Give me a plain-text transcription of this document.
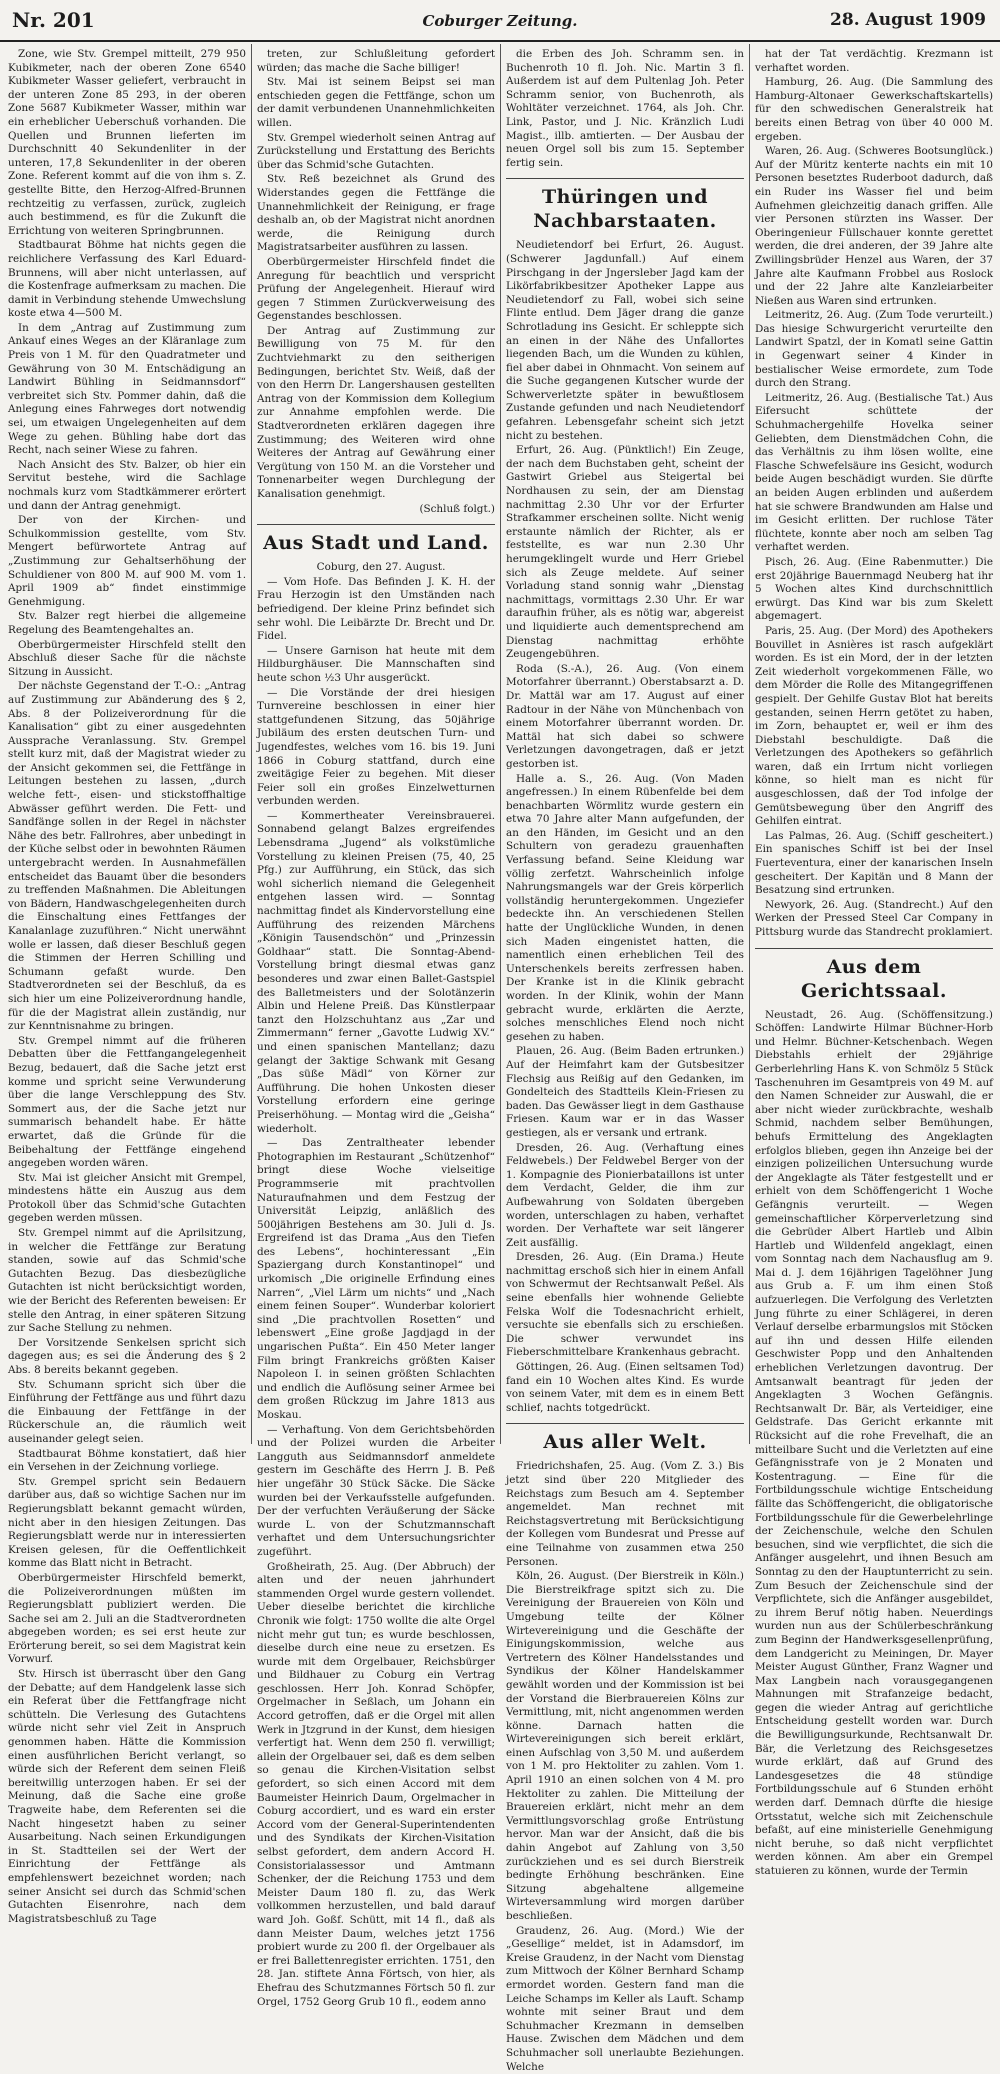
Nr. 201	Coburger Zeitung.	28. August 1909

Zone, wie Stv. Grempel mitteilt, 279 950 Kubikmeter, nach der oberen Zone 6540 Kubikmeter Wasser geliefert, verbraucht in der unteren Zone 85 293, in der oberen Zone 5687 Kubikmeter Wasser, mithin war ein erheblicher Ueberschuß vorhanden. Die Quellen und Brunnen lieferten im Durchschnitt 40 Sekundenliter in der unteren, 17,8 Sekundenliter in der oberen Zone. Referent kommt auf die von ihm s. Z. gestellte Bitte, den Herzog-Alfred-Brunnen rechtzeitig zu verfassen, zurück, zugleich auch bestimmend, es für die Zukunft die Errichtung von weiteren Springbrunnen.

Stadtbaurat Böhme hat nichts gegen die reichlichere Verfassung des Karl Eduard-Brunnens, will aber nicht unterlassen, auf die Kostenfrage aufmerksam zu machen. Die damit in Verbindung stehende Umwechslung koste etwa 4—500 M.

In dem „Antrag auf Zustimmung zum Ankauf eines Weges an der Kläranlage zum Preis von 1 M. für den Quadratmeter und Gewährung von 30 M. Entschädigung an Landwirt Bühling in Seidmannsdorf“ verbreitet sich Stv. Pommer dahin, daß die Anlegung eines Fahrweges dort notwendig sei, um etwaigen Ungelegenheiten auf dem Wege zu gehen. Bühling habe dort das Recht, nach seiner Wiese zu fahren.

Nach Ansicht des Stv. Balzer, ob hier ein Servitut bestehe, wird die Sachlage nochmals kurz vom Stadtkämmerer erörtert und dann der Antrag genehmigt.

Der von der Kirchen- und Schulkommission gestellte, vom Stv. Mengert befürwortete Antrag auf „Zustimmung zur Gehaltserhöhung der Schuldiener von 800 M. auf 900 M. vom 1. April 1909 ab“ findet einstimmige Genehmigung.

Stv. Balzer regt hierbei die allgemeine Regelung des Beamtengehaltes an.

Oberbürgermeister Hirschfeld stellt den Abschluß dieser Sache für die nächste Sitzung in Aussicht.

Der nächste Gegenstand der T.-O.: „Antrag auf Zustimmung zur Abänderung des § 2, Abs. 8 der Polizeiverordnung für die Kanalisation“ gibt zu einer ausgedehnten Aussprache Veranlassung. Stv. Grempel stellt kurz mit, daß der Magistrat wieder zu der Ansicht gekommen sei, die Fettfänge in Leitungen bestehen zu lassen, „durch welche fett-, eisen- und stickstoffhaltige Abwässer geführt werden. Die Fett- und Sandfänge sollen in der Regel in nächster Nähe des betr. Fallrohres, aber unbedingt in der Küche selbst oder in bewohnten Räumen untergebracht werden. In Ausnahmefällen entscheidet das Bauamt über die besonders zu treffenden Maßnahmen. Die Ableitungen von Bädern, Handwaschgelegenheiten durch die Einschaltung eines Fettfanges der Kanalanlage zuzuführen.“ Nicht unerwähnt wolle er lassen, daß dieser Beschluß gegen die Stimmen der Herren Schilling und Schumann gefaßt wurde. Den Stadtverordneten sei der Beschluß, da es sich hier um eine Polizeiverordnung handle, für die der Magistrat allein zuständig, nur zur Kenntnisnahme zu bringen.

Stv. Grempel nimmt auf die früheren Debatten über die Fettfangangelegenheit Bezug, bedauert, daß die Sache jetzt erst komme und spricht seine Verwunderung über die lange Verschleppung des Stv. Sommert aus, der die Sache jetzt nur summarisch behandelt habe. Er hätte erwartet, daß die Gründe für die Beibehaltung der Fettfänge eingehend angegeben worden wären.

Stv. Mai ist gleicher Ansicht mit Grempel, mindestens hätte ein Auszug aus dem Protokoll über das Schmid'sche Gutachten gegeben werden müssen.

Stv. Grempel nimmt auf die Aprilsitzung, in welcher die Fettfänge zur Beratung standen, sowie auf das Schmid'sche Gutachten Bezug. Das diesbezügliche Gutachten ist nicht berücksichtigt worden, wie der Bericht des Referenten beweisen: Er stelle den Antrag, in einer späteren Sitzung zur Sache Stellung zu nehmen.

Der Vorsitzende Senkelsen spricht sich dagegen aus; es sei die Änderung des § 2 Abs. 8 bereits bekannt gegeben.

Stv. Schumann spricht sich über die Einführung der Fettfänge aus und führt dazu die Einbauung der Fettfänge in der Rückerschule an, die räumlich weit auseinander gelegt seien.

Stadtbaurat Böhme konstatiert, daß hier ein Versehen in der Zeichnung vorliege.

Stv. Grempel spricht sein Bedauern darüber aus, daß so wichtige Sachen nur im Regierungsblatt bekannt gemacht würden, nicht aber in den hiesigen Zeitungen. Das Regierungsblatt werde nur in interessierten Kreisen gelesen, für die Oeffentlichkeit komme das Blatt nicht in Betracht.

Oberbürgermeister Hirschfeld bemerkt, die Polizeiverordnungen müßten im Regierungsblatt publiziert werden. Die Sache sei am 2. Juli an die Stadtverordneten abgegeben worden; es sei erst heute zur Erörterung bereit, so sei dem Magistrat kein Vorwurf.

Stv. Hirsch ist überrascht über den Gang der Debatte; auf dem Handgelenk lasse sich ein Referat über die Fettfangfrage nicht schütteln. Die Verlesung des Gutachtens würde nicht sehr viel Zeit in Anspruch genommen haben. Hätte die Kommission einen ausführlichen Bericht verlangt, so würde sich der Referent dem seinen Fleiß bereitwillig unterzogen haben. Er sei der Meinung, daß die Sache eine große Tragweite habe, dem Referenten sei die Nacht hingesetzt haben zu seiner Ausarbeitung. Nach seinen Erkundigungen in St. Stadtteilen sei der Wert der Einrichtung der Fettfänge als empfehlenswert bezeichnet worden; nach seiner Ansicht sei durch das Schmid'schen Gutachten Eisenrohre, nach dem Magistratsbeschluß zu Tage

treten, zur Schlußleitung gefordert würden; das mache die Sache billiger!

Stv. Mai ist seinem Beipst sei man entschieden gegen die Fettfänge, schon um der damit verbundenen Unannehmlichkeiten willen.

Stv. Grempel wiederholt seinen Antrag auf Zurückstellung und Erstattung des Berichts über das Schmid'sche Gutachten.

Stv. Reß bezeichnet als Grund des Widerstandes gegen die Fettfänge die Unannehmlichkeit der Reinigung, er frage deshalb an, ob der Magistrat nicht anordnen werde, die Reinigung durch Magistratsarbeiter ausführen zu lassen.

Oberbürgermeister Hirschfeld findet die Anregung für beachtlich und verspricht Prüfung der Angelegenheit. Hierauf wird gegen 7 Stimmen Zurückverweisung des Gegenstandes beschlossen.

Der Antrag auf Zustimmung zur Bewilligung von 75 M. für den Zuchtviehmarkt zu den seitherigen Bedingungen, berichtet Stv. Weiß, daß der von den Herrn Dr. Langershausen gestellten Antrag von der Kommission dem Kollegium zur Annahme empfohlen werde. Die Stadtverordneten erklären dagegen ihre Zustimmung; des Weiteren wird ohne Weiteres der Antrag auf Gewährung einer Vergütung von 150 M. an die Vorsteher und Tonnenarbeiter wegen Durchlegung der Kanalisation genehmigt.

(Schluß folgt.)

Aus Stadt und Land.

Coburg, den 27. August.

— Vom Hofe. Das Befinden J. K. H. der Frau Herzogin ist den Umständen nach befriedigend. Der kleine Prinz befindet sich sehr wohl. Die Leibärzte Dr. Brecht und Dr. Fidel.

— Unsere Garnison hat heute mit dem Hildburghäuser. Die Mannschaften sind heute schon ½3 Uhr ausgerückt.

— Die Vorstände der drei hiesigen Turnvereine beschlossen in einer hier stattgefundenen Sitzung, das 50jährige Jubiläum des ersten deutschen Turn- und Jugendfestes, welches vom 16. bis 19. Juni 1866 in Coburg stattfand, durch eine zweitägige Feier zu begehen. Mit dieser Feier soll ein großes Einzelwetturnen verbunden werden.

— Kommertheater Vereinsbrauerei. Sonnabend gelangt Balzes ergreifendes Lebensdrama „Jugend“ als volkstümliche Vorstellung zu kleinen Preisen (75, 40, 25 Pfg.) zur Aufführung, ein Stück, das sich wohl sicherlich niemand die Gelegenheit entgehen lassen wird. — Sonntag nachmittag findet als Kindervorstellung eine Aufführung des reizenden Märchens „Königin Tausendschön“ und „Prinzessin Goldhaar“ statt. Die Sonntag-Abend-Vorstellung bringt diesmal etwas ganz besonderes und zwar einen Ballet-Gastspiel des Balletmeisters und der Solotänzerin Albin und Helene Preiß. Das Künstlerpaar tanzt den Holzschuhtanz aus „Zar und Zimmermann“ ferner „Gavotte Ludwig XV.“ und einen spanischen Mantellanz; dazu gelangt der 3aktige Schwank mit Gesang „Das süße Mädl“ von Körner zur Aufführung. Die hohen Unkosten dieser Vorstellung erfordern eine geringe Preiserhöhung. — Montag wird die „Geisha“ wiederholt.

— Das Zentraltheater lebender Photographien im Restaurant „Schützenhof“ bringt diese Woche vielseitige Programmserie mit prachtvollen Naturaufnahmen und dem Festzug der Universität Leipzig, anläßlich des 500jährigen Bestehens am 30. Juli d. Js. Ergreifend ist das Drama „Aus den Tiefen des Lebens“, hochinteressant „Ein Spaziergang durch Konstantinopel“ und urkomisch „Die originelle Erfindung eines Narren“, „Viel Lärm um nichts“ und „Nach einem feinen Souper“. Wunderbar koloriert sind „Die prachtvollen Rosetten“ und lebenswert „Eine große Jagdjagd in der ungarischen Pußta“. Ein 450 Meter langer Film bringt Frankreichs größten Kaiser Napoleon I. in seinen größten Schlachten und endlich die Auflösung seiner Armee bei dem großen Rückzug im Jahre 1813 aus Moskau.

— Verhaftung. Von dem Gerichtsbehörden und der Polizei wurden die Arbeiter Langguth aus Seidmannsdorf anmeldete gestern im Geschäfte des Herrn J. B. Peß hier ungefähr 30 Stück Säcke. Die Säcke wurden bei der Verkaufsstelle aufgefunden. Der der verfuchten Veräußerung der Säcke wurde L. von der Schutzmannschaft verhaftet und dem Untersuchungsrichter zugeführt.

Großheirath, 25. Aug. (Der Abbruch) der alten und der neuen jahrhundert stammenden Orgel wurde gestern vollendet. Ueber dieselbe berichtet die kirchliche Chronik wie folgt: 1750 wollte die alte Orgel nicht mehr gut tun; es wurde beschlossen, dieselbe durch eine neue zu ersetzen. Es wurde mit dem Orgelbauer, Reichsbürger und Bildhauer zu Coburg ein Vertrag geschlossen. Herr Joh. Konrad Schöpfer, Orgelmacher in Seßlach, um Johann ein Accord getroffen, daß er die Orgel mit allen Werk in Jtzgrund in der Kunst, dem hiesigen verfertigt hat. Wenn dem 250 fl. verwilligt; allein der Orgelbauer sei, daß es dem selben so genau die Kirchen-Visitation selbst gefordert, so sich einen Accord mit dem Baumeister Heinrich Daum, Orgelmacher in Coburg accordiert, und es ward ein erster Accord vom der General-Superintendenten und des Syndikats der Kirchen-Visitation selbst gefordert, dem andern Accord H. Consistorialassessor und Amtmann Schenker, der die Reichung 1753 und dem Meister Daum 180 fl. zu, das Werk vollkommen herzustellen, und bald darauf ward Joh. Goßf. Schütt, mit 14 fl., daß als dann Meister Daum, welches jetzt 1756 probiert wurde zu 200 fl. der Orgelbauer als er frei Ballettenregister errichten. 1751, den 28. Jan. stiftete Anna Förtsch, von hier, als Ehefrau des Schutzmannes Förtsch 50 fl. zur Orgel, 1752 Georg Grub 10 fl., eodem anno

die Erben des Joh. Schramm sen. in Buchenroth 10 fl. Joh. Nic. Martin 3 fl. Außerdem ist auf dem Pultenlag Joh. Peter Schramm senior, von Buchenroth, als Wohltäter verzeichnet. 1764, als Joh. Chr. Link, Pastor, und J. Nic. Kränzlich Ludi Magist., illb. amtierten. — Der Ausbau der neuen Orgel soll bis zum 15. September fertig sein.

Thüringen und Nachbarstaaten.

Neudietendorf bei Erfurt, 26. August. (Schwerer Jagdunfall.) Auf einem Pirschgang in der Jngersleber Jagd kam der Likörfabrikbesitzer Apotheker Lappe aus Neudietendorf zu Fall, wobei sich seine Flinte entlud. Dem Jäger drang die ganze Schrotladung ins Gesicht. Er schleppte sich an einen in der Nähe des Unfallortes liegenden Bach, um die Wunden zu kühlen, fiel aber dabei in Ohnmacht. Von seinem auf die Suche gegangenen Kutscher wurde der Schwerverletzte später in bewußtlosem Zustande gefunden und nach Neudietendorf gefahren. Lebensgefahr scheint sich jetzt nicht zu bestehen.

Erfurt, 26. Aug. (Pünktlich!) Ein Zeuge, der nach dem Buchstaben geht, scheint der Gastwirt Griebel aus Steigertal bei Nordhausen zu sein, der am Dienstag nachmittag 2.30 Uhr vor der Erfurter Strafkammer erscheinen sollte. Nicht wenig erstaunte nämlich der Richter, als er feststellte, es war nun 2.30 Uhr herumgeklingelt wurde und Herr Griebel sich als Zeuge meldete. Auf seiner Vorladung stand sonnig wahr „Dienstag nachmittags, vormittags 2.30 Uhr. Er war daraufhin früher, als es nötig war, abgereist und liquidierte auch dementsprechend am Dienstag nachmittag erhöhte Zeugengebühren.

Roda (S.-A.), 26. Aug. (Von einem Motorfahrer überrannt.) Oberstabsarzt a. D. Dr. Mattäl war am 17. August auf einer Radtour in der Nähe von Münchenbach von einem Motorfahrer überrannt worden. Dr. Mattäl hat sich dabei so schwere Verletzungen davongetragen, daß er jetzt gestorben ist.

Halle a. S., 26. Aug. (Von Maden angefressen.) In einem Rübenfelde bei dem benachbarten Wörmlitz wurde gestern ein etwa 70 Jahre alter Mann aufgefunden, der an den Händen, im Gesicht und an den Schultern von geradezu grauenhaften Verfassung befand. Seine Kleidung war völlig zerfetzt. Wahrscheinlich infolge Nahrungsmangels war der Greis körperlich vollständig heruntergekommen. Ungeziefer bedeckte ihn. An verschiedenen Stellen hatte der Unglückliche Wunden, in denen sich Maden eingenistet hatten, die namentlich einen erheblichen Teil des Unterschenkels bereits zerfressen haben. Der Kranke ist in die Klinik gebracht worden. In der Klinik, wohin der Mann gebracht wurde, erklärten die Aerzte, solches menschliches Elend noch nicht gesehen zu haben.

Plauen, 26. Aug. (Beim Baden ertrunken.) Auf der Heimfahrt kam der Gutsbesitzer Flechsig aus Reißig auf den Gedanken, im Gondelteich des Stadtteils Klein-Friesen zu baden. Das Gewässer liegt in dem Gasthause Friesen. Kaum war er in das Wasser gestiegen, als er versank und ertrank.

Dresden, 26. Aug. (Verhaftung eines Feldwebels.) Der Feldwebel Berger von der 1. Kompagnie des Pionierbataillons ist unter dem Verdacht, Gelder, die ihm zur Aufbewahrung von Soldaten übergeben worden, unterschlagen zu haben, verhaftet worden. Der Verhaftete war seit längerer Zeit ausfällig.

Dresden, 26. Aug. (Ein Drama.) Heute nachmittag erschoß sich hier in einem Anfall von Schwermut der Rechtsanwalt Peßel. Als seine ebenfalls hier wohnende Geliebte Felska Wolf die Todesnachricht erhielt, versuchte sie ebenfalls sich zu erschießen. Die schwer verwundet ins Fieberschmittelbare Krankenhaus gebracht.

Göttingen, 26. Aug. (Einen seltsamen Tod) fand ein 10 Wochen altes Kind. Es wurde von seinem Vater, mit dem es in einem Bett schlief, nachts totgedrückt.

Aus aller Welt.

Friedrichshafen, 25. Aug. (Vom Z. 3.) Bis jetzt sind über 220 Mitglieder des Reichstags zum Besuch am 4. September angemeldet. Man rechnet mit Reichstagsvertretung mit Berücksichtigung der Kollegen vom Bundesrat und Presse auf eine Teilnahme von zusammen etwa 250 Personen.

Köln, 26. August. (Der Bierstreik in Köln.) Die Bierstreikfrage spitzt sich zu. Die Vereinigung der Brauereien von Köln und Umgebung teilte der Kölner Wirtevereinigung und die Geschäfte der Einigungskommission, welche aus Vertretern des Kölner Handelsstandes und Syndikus der Kölner Handelskammer gewählt worden und der Kommission ist bei der Vorstand die Bierbrauereien Kölns zur Vermittlung, mit, nicht angenommen werden könne. Darnach hatten die Wirtevereinigungen sich bereit erklärt, einen Aufschlag von 3,50 M. und außerdem von 1 M. pro Hektoliter zu zahlen. Vom 1. April 1910 an einen solchen von 4 M. pro Hektoliter zu zahlen. Die Mitteilung der Brauereien erklärt, nicht mehr an dem Vermittlungsvorschlag große Entrüstung hervor. Man war der Ansicht, daß die bis dahin Angebot auf Zahlung von 3,50 zurückziehen und es sei durch Bierstreik bedingte Erhöhung beschränken. Eine Sitzung abgehaltene allgemeine Wirteversammlung wird morgen darüber beschließen.

Graudenz, 26. Aug. (Mord.) Wie der „Gesellige“ meldet, ist in Adamsdorf, im Kreise Graudenz, in der Nacht vom Dienstag zum Mittwoch der Kölner Bernhard Schamp ermordet worden. Gestern fand man die Leiche Schamps im Keller als Lauft. Schamp wohnte mit seiner Braut und dem Schuhmacher Krezmann in demselben Hause. Zwischen dem Mädchen und dem Schuhmacher soll unerlaubte Beziehungen. Welche

hat der Tat verdächtig. Krezmann ist verhaftet worden.

Hamburg, 26. Aug. (Die Sammlung des Hamburg-Altonaer Gewerkschaftskartells) für den schwedischen Generalstreik hat bereits einen Betrag von über 40 000 M. ergeben.

Waren, 26. Aug. (Schweres Bootsunglück.) Auf der Müritz kenterte nachts ein mit 10 Personen besetztes Ruderboot dadurch, daß ein Ruder ins Wasser fiel und beim Aufnehmen gleichzeitig danach griffen. Alle vier Personen stürzten ins Wasser. Der Oberingenieur Füllschauer konnte gerettet werden, die drei anderen, der 39 Jahre alte Zwillingsbrüder Henzel aus Waren, der 37 Jahre alte Kaufmann Frobbel aus Roslock und der 22 Jahre alte Kanzleiarbeiter Nießen aus Waren sind ertrunken.

Leitmeritz, 26. Aug. (Zum Tode verurteilt.) Das hiesige Schwurgericht verurteilte den Landwirt Spatzl, der in Komatl seine Gattin in Gegenwart seiner 4 Kinder in bestialischer Weise ermordete, zum Tode durch den Strang.

Leitmeritz, 26. Aug. (Bestialische Tat.) Aus Eifersucht schüttete der Schuhmachergehilfe Hovelka seiner Geliebten, dem Dienstmädchen Cohn, die das Verhältnis zu ihm lösen wollte, eine Flasche Schwefelsäure ins Gesicht, wodurch beide Augen beschädigt wurden. Sie dürfte an beiden Augen erblinden und außerdem hat sie schwere Brandwunden am Halse und im Gesicht erlitten. Der ruchlose Täter flüchtete, konnte aber noch am selben Tag verhaftet werden.

Pisch, 26. Aug. (Eine Rabenmutter.) Die erst 20jährige Bauernmagd Neuberg hat ihr 5 Wochen altes Kind durchschnittlich erwürgt. Das Kind war bis zum Skelett abgemagert.

Paris, 25. Aug. (Der Mord) des Apothekers Bouvillet in Asnières ist rasch aufgeklärt worden. Es ist ein Mord, der in der letzten Zeit wiederholt vorgekommenen Fälle, wo dem Mörder die Rolle des Mitangegriffenen gespielt. Der Gehilfe Gustav Blot hat bereits gestanden, seinen Herrn getötet zu haben, im Zorn, behauptet er, weil er ihm des Diebstahl beschuldigte. Daß die Verletzungen des Apothekers so gefährlich waren, daß ein Irrtum nicht vorliegen könne, so hielt man es nicht für ausgeschlossen, daß der Tod infolge der Gemütsbewegung über den Angriff des Gehilfen eintrat.

Las Palmas, 26. Aug. (Schiff gescheitert.) Ein spanisches Schiff ist bei der Insel Fuerteventura, einer der kanarischen Inseln gescheitert. Der Kapitän und 8 Mann der Besatzung sind ertrunken.

Newyork, 26. Aug. (Standrecht.) Auf den Werken der Pressed Steel Car Company in Pittsburg wurde das Standrecht proklamiert.

Aus dem Gerichtssaal.

Neustadt, 26. Aug. (Schöffensitzung.) Schöffen: Landwirte Hilmar Büchner-Horb und Helmr. Büchner-Ketschenbach. Wegen Diebstahls erhielt der 29jährige Gerberlehrling Hans K. von Schmölz 5 Stück Taschenuhren im Gesamtpreis von 49 M. auf den Namen Schneider zur Auswahl, die er aber nicht wieder zurückbrachte, weshalb Schmid, nachdem selber Bemühungen, behufs Ermittelung des Angeklagten erfolglos blieben, gegen ihn Anzeige bei der einzigen polizeilichen Untersuchung wurde der Angeklagte als Täter festgestellt und er erhielt von dem Schöffengericht 1 Woche Gefängnis verurteilt. — Wegen gemeinschaftlicher Körperverletzung sind die Gebrüder Albert Hartleb und Albin Hartleb und Wildenfeld angeklagt, einen vom Sonntag nach dem Nachausflug am 9. Mai d. J. dem 16jährigen Tagelöhner Jung aus Grub a. F. um ihm einen Stoß aufzuerlegen. Die Verfolgung des Verletzten Jung führte zu einer Schlägerei, in deren Verlauf derselbe erbarmungslos mit Stöcken auf ihn und dessen Hilfe eilenden Geschwister Popp und den Anhaltenden erheblichen Verletzungen davontrug. Der Amtsanwalt beantragt für jeden der Angeklagten 3 Wochen Gefängnis. Rechtsanwalt Dr. Bär, als Verteidiger, eine Geldstrafe. Das Gericht erkannte mit Rücksicht auf die rohe Frevelhaft, die an mitteilbare Sucht und die Verletzten auf eine Gefängnisstrafe von je 2 Monaten und Kostentragung. — Eine für die Fortbildungsschule wichtige Entscheidung fällte das Schöffengericht, die obligatorische Fortbildungsschule für die Gewerbelehrlinge der Zeichenschule, welche den Schulen besuchen, sind wie verpflichtet, die sich die Anfänger ausgelehrt, und ihnen Besuch am Sonntag zu den der Hauptunterricht zu sein. Zum Besuch der Zeichenschule sind der Verpflichtete, sich die Anfänger ausgebildet, zu ihrem Beruf nötig haben. Neuerdings wurden nun aus der Schülerbeschränkung zum Beginn der Handwerksgesellenprüfung, dem Landgericht zu Meiningen, Dr. Mayer Meister August Günther, Franz Wagner und Max Langbein nach vorausgegangenen Mahnungen mit Strafanzeige bedacht, gegen die wieder Antrag auf gerichtliche Entscheidung gestellt worden war. Durch die Bewilligungsurkunde, Rechtsanwalt Dr. Bär, die Verletzung des Reichsgesetzes wurde erklärt, daß auf Grund des Landesgesetzes die 48 stündige Fortbildungsschule auf 6 Stunden erhöht werden darf. Demnach dürfte die hiesige Ortsstatut, welche sich mit Zeichenschule befaßt, auf eine ministerielle Genehmigung nicht beruhe, so daß nicht verpflichtet werden können. Am aber ein Grempel statuieren zu können, wurde der Termin
